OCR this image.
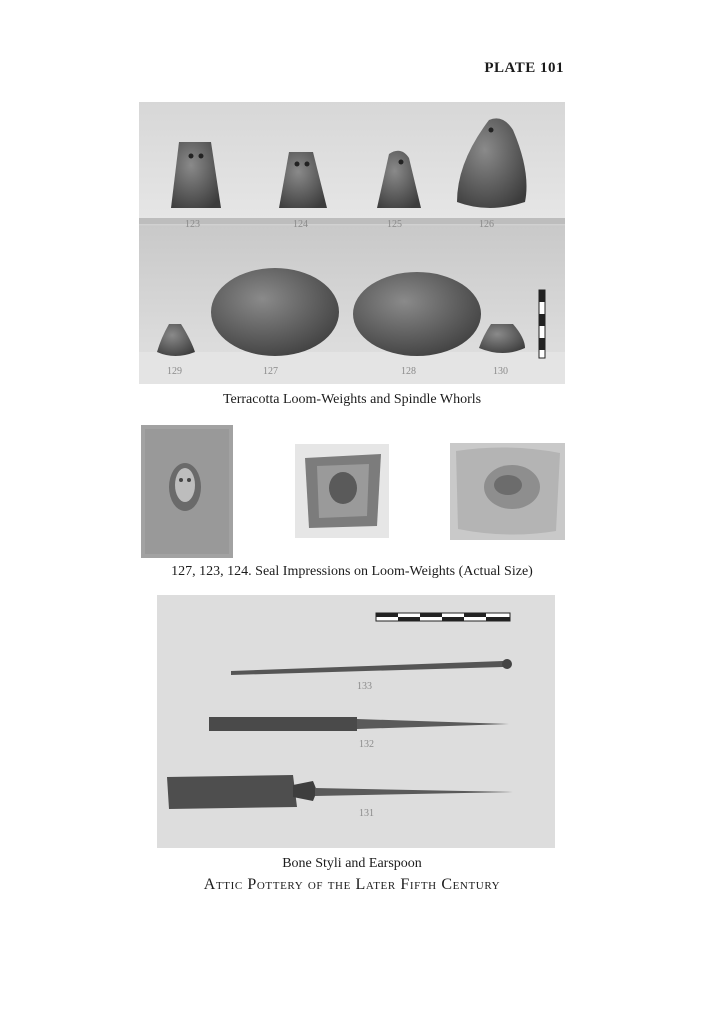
PLATE 101
123	124	125	126
129	127	128	130
Terracotta Loom-Weights and Spindle Whorls
127, 123, 124. Seal Impressions on Loom-Weights (Actual Size)
133
132
131
Bone Styli and Earspoon
Attic Pottery of the Later Fifth Century
